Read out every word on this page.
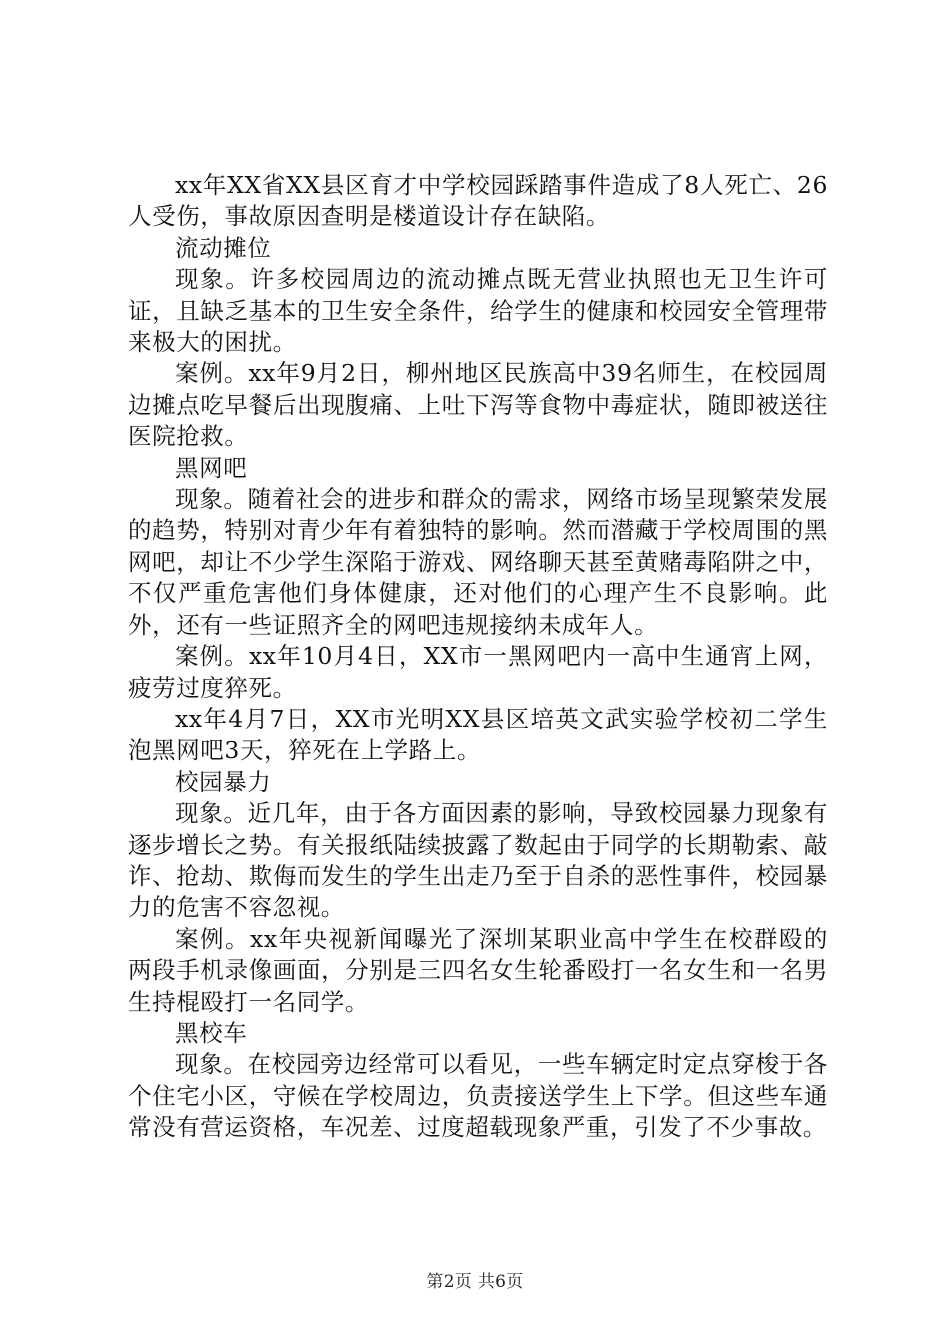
xx年XX省XX县区育才中学校园踩踏事件造成了8人死亡、26人受伤，事故原因查明是楼道设计存在缺陷。

流动摊位

现象。许多校园周边的流动摊点既无营业执照也无卫生许可证，且缺乏基本的卫生安全条件，给学生的健康和校园安全管理带来极大的困扰。

案例。xx年9月2日，柳州地区民族高中39名师生，在校园周边摊点吃早餐后出现腹痛、上吐下泻等食物中毒症状，随即被送往医院抢救。

黑网吧

现象。随着社会的进步和群众的需求，网络市场呈现繁荣发展的趋势，特别对青少年有着独特的影响。然而潜藏于学校周围的黑网吧，却让不少学生深陷于游戏、网络聊天甚至黄赌毒陷阱之中，不仅严重危害他们身体健康，还对他们的心理产生不良影响。此外，还有一些证照齐全的网吧违规接纳未成年人。

案例。xx年10月4日，XX市一黑网吧内一高中生通宵上网，疲劳过度猝死。

xx年4月7日，XX市光明XX县区培英文武实验学校初二学生泡黑网吧3天，猝死在上学路上。

校园暴力

现象。近几年，由于各方面因素的影响，导致校园暴力现象有逐步增长之势。有关报纸陆续披露了数起由于同学的长期勒索、敲诈、抢劫、欺侮而发生的学生出走乃至于自杀的恶性事件，校园暴力的危害不容忽视。

案例。xx年央视新闻曝光了深圳某职业高中学生在校群殴的两段手机录像画面，分别是三四名女生轮番殴打一名女生和一名男生持棍殴打一名同学。

黑校车

现象。在校园旁边经常可以看见，一些车辆定时定点穿梭于各个住宅小区，守候在学校周边，负责接送学生上下学。但这些车通常没有营运资格，车况差、过度超载现象严重，引发了不少事故。

第2页 共6页
